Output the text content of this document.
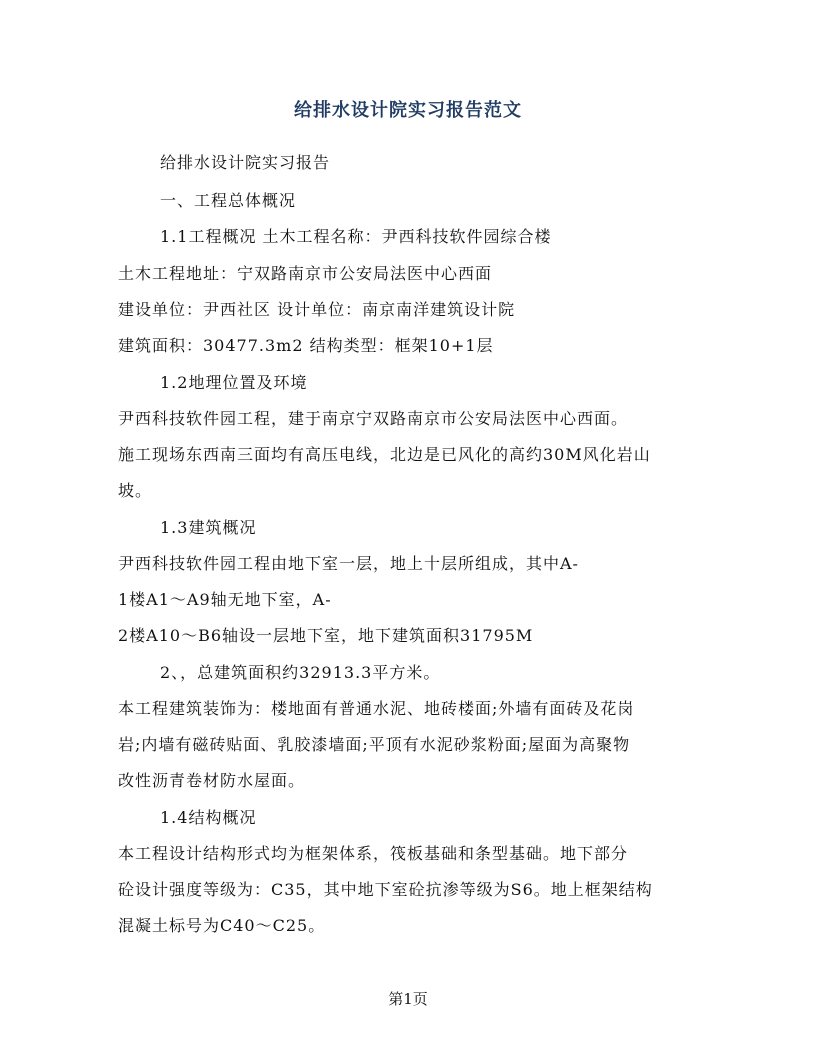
给排水设计院实习报告范文
给排水设计院实习报告
一、工程总体概况
1.1工程概况 土木工程名称：尹西科技软件园综合楼
土木工程地址：宁双路南京市公安局法医中心西面
建设单位：尹西社区 设计单位：南京南洋建筑设计院
建筑面积：30477.3m2 结构类型：框架10+1层
1.2地理位置及环境
尹西科技软件园工程，建于南京宁双路南京市公安局法医中心西面。
施工现场东西南三面均有高压电线，北边是已风化的高约30M风化岩山
坡。
1.3建筑概况
尹西科技软件园工程由地下室一层，地上十层所组成，其中A-
1楼A1～A9轴无地下室，A-
2楼A10～B6轴设一层地下室，地下建筑面积31795M
2、，总建筑面积约32913.3平方米。
本工程建筑装饰为：楼地面有普通水泥、地砖楼面;外墙有面砖及花岗
岩;内墙有磁砖贴面、乳胶漆墙面;平顶有水泥砂浆粉面;屋面为高聚物
改性沥青卷材防水屋面。
1.4结构概况
本工程设计结构形式均为框架体系，筏板基础和条型基础。地下部分
砼设计强度等级为：C35，其中地下室砼抗渗等级为S6。地上框架结构
混凝土标号为C40～C25。
第1页
